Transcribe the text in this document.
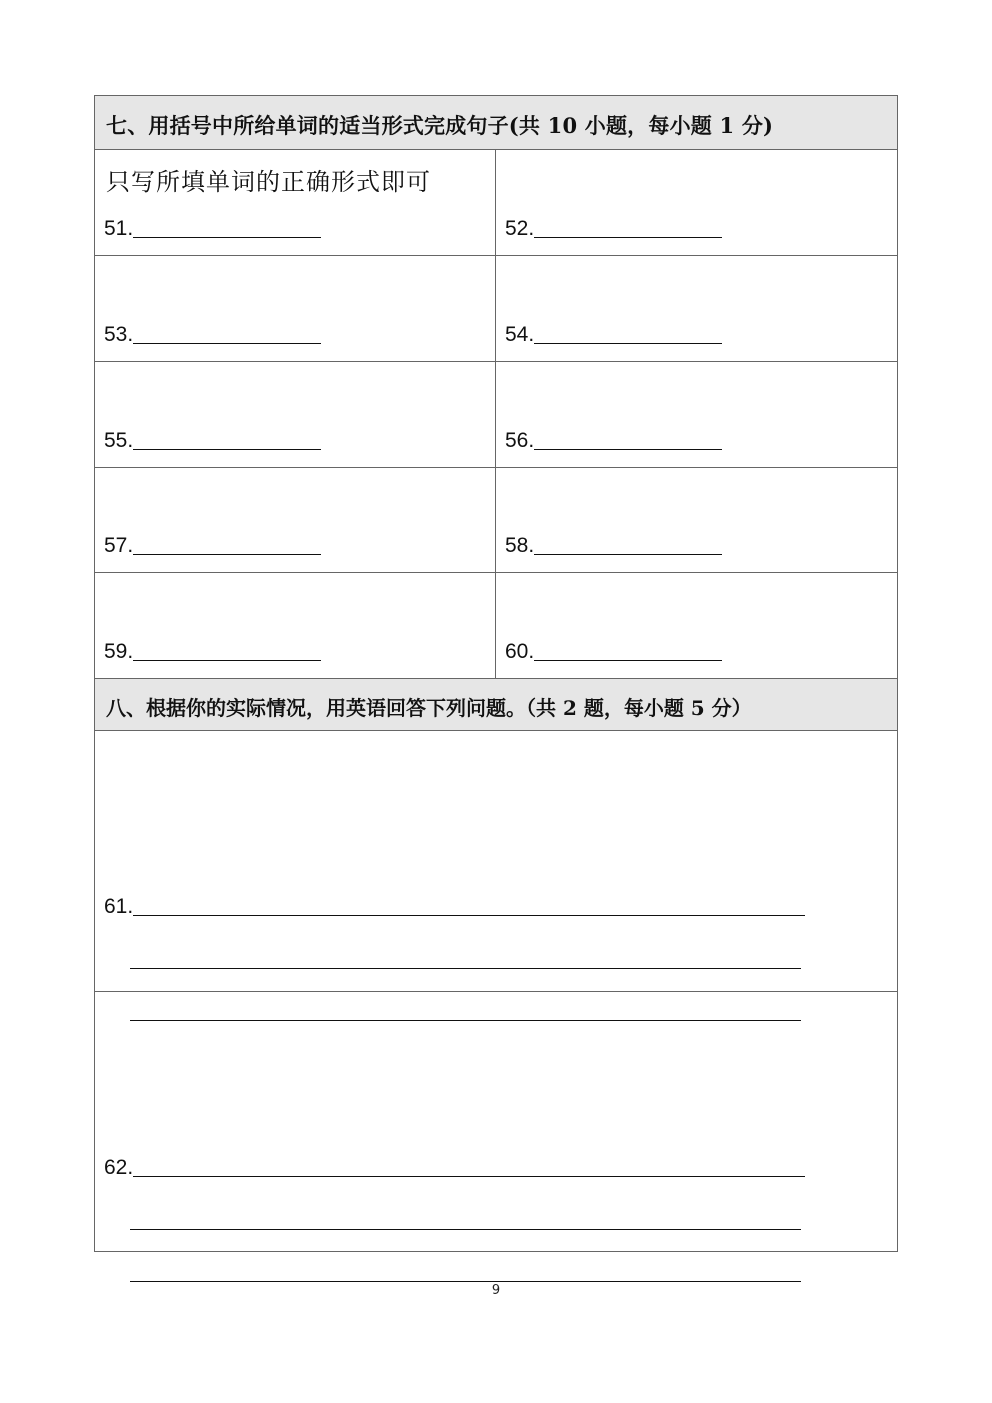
七、用括号中所给单词的适当形式完成句子(共 10 小题，每小题 1 分)
只写所填单词的正确形式即可
51.	52.
53.	54.
55.	56.
57.	58.
59.	60.
八、根据你的实际情况，用英语回答下列问题。（共 2 题，每小题 5 分）
61.
62.
9
